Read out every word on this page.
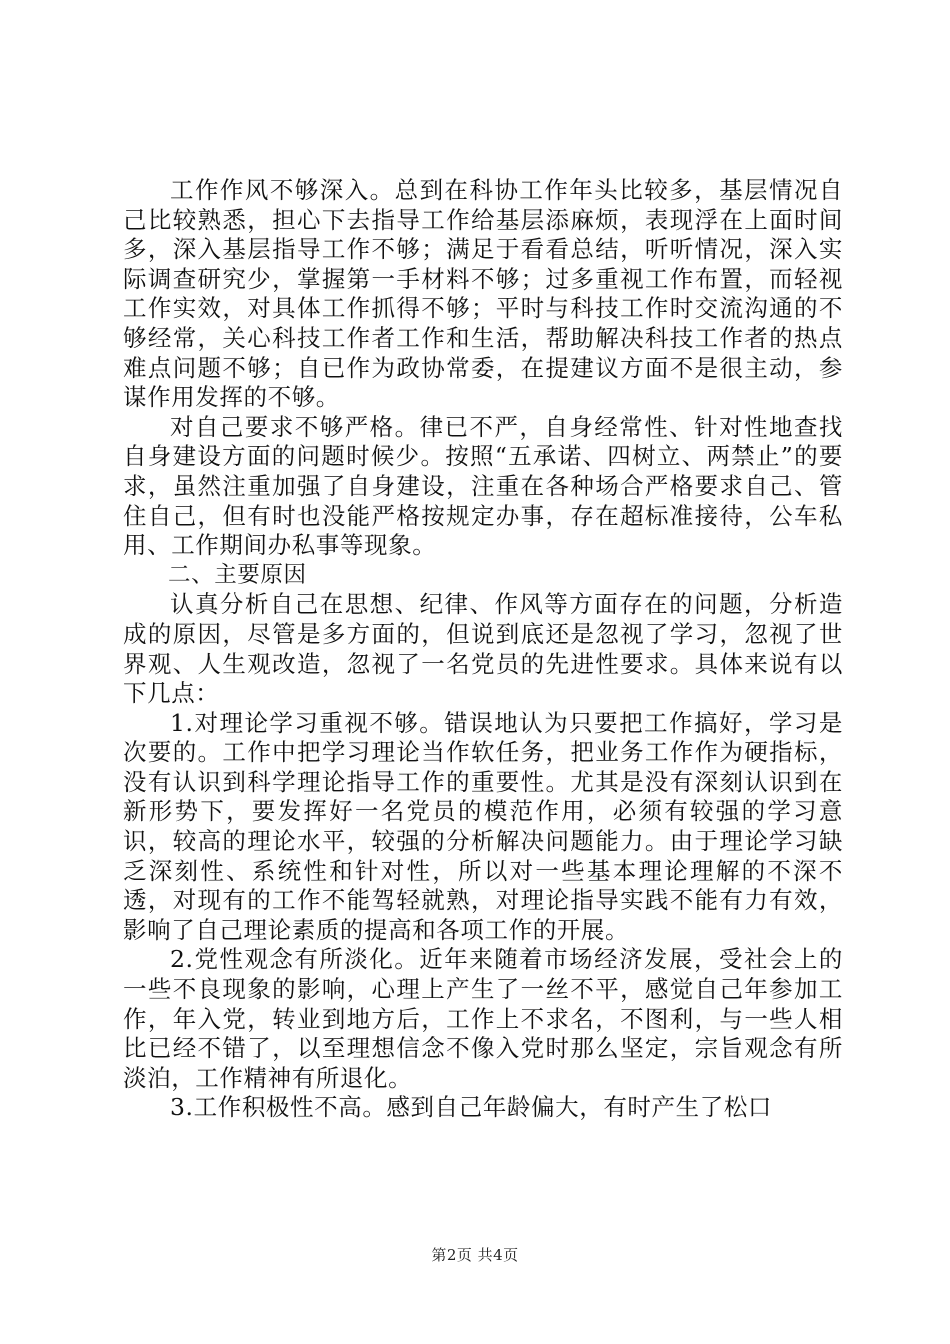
工作作风不够深入。总到在科协工作年头比较多，基层情况自己比较熟悉，担心下去指导工作给基层添麻烦，表现浮在上面时间多，深入基层指导工作不够；满足于看看总结，听听情况，深入实际调查研究少，掌握第一手材料不够；过多重视工作布置，而轻视工作实效，对具体工作抓得不够；平时与科技工作时交流沟通的不够经常，关心科技工作者工作和生活，帮助解决科技工作者的热点难点问题不够；自已作为政协常委，在提建议方面不是很主动，参谋作用发挥的不够。

对自己要求不够严格。律已不严，自身经常性、针对性地查找自身建设方面的问题时候少。按照“五承诺、四树立、两禁止”的要求，虽然注重加强了自身建设，注重在各种场合严格要求自己、管住自己，但有时也没能严格按规定办事，存在超标准接待，公车私用、工作期间办私事等现象。

二、主要原因

认真分析自己在思想、纪律、作风等方面存在的问题，分析造成的原因，尽管是多方面的，但说到底还是忽视了学习，忽视了世界观、人生观改造，忽视了一名党员的先进性要求。具体来说有以下几点：

1.对理论学习重视不够。错误地认为只要把工作搞好，学习是次要的。工作中把学习理论当作软任务，把业务工作作为硬指标，没有认识到科学理论指导工作的重要性。尤其是没有深刻认识到在新形势下，要发挥好一名党员的模范作用，必须有较强的学习意识，较高的理论水平，较强的分析解决问题能力。由于理论学习缺乏深刻性、系统性和针对性，所以对一些基本理论理解的不深不透，对现有的工作不能驾轻就熟，对理论指导实践不能有力有效，影响了自己理论素质的提高和各项工作的开展。

2.党性观念有所淡化。近年来随着市场经济发展，受社会上的一些不良现象的影响，心理上产生了一丝不平，感觉自己年参加工作，年入党，转业到地方后，工作上不求名，不图利，与一些人相比已经不错了，以至理想信念不像入党时那么坚定，宗旨观念有所淡泊，工作精神有所退化。

3.工作积极性不高。感到自己年龄偏大，有时产生了松口

第2页 共4页
